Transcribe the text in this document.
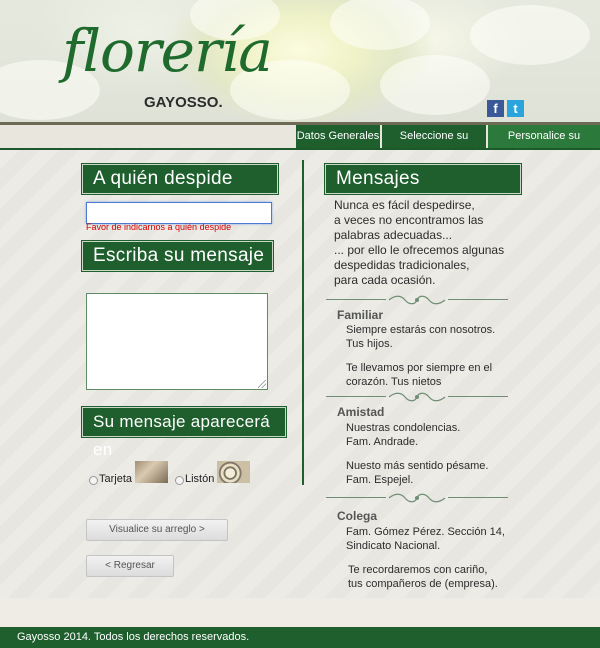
florería
GAYOSSO.	f	t
Datos Generales	Seleccione su	Personalice su
A quién despide
Favor de indicarnos a quién despide
Escriba su mensaje
Su mensaje aparecerá en
Tarjeta	Listón
Visualice su arreglo >
< Regresar
Mensajes
Nunca es fácil despedirse,
a veces no encontramos las
palabras adecuadas...
... por ello le ofrecemos algunas
despedidas tradicionales,
para cada ocasión.
Familiar
Siempre estarás con nosotros.
Tus hijos.
Te llevamos por siempre en el
corazón. Tus nietos
Amistad
Nuestras condolencias.
Fam. Andrade.
Nuesto más sentido pésame.
Fam. Espejel.
Colega
Fam. Gómez Pérez. Sección 14,
Sindicato Nacional.
Te recordaremos con cariño,
tus compañeros de (empresa).
Gayosso 2014. Todos los derechos reservados.
